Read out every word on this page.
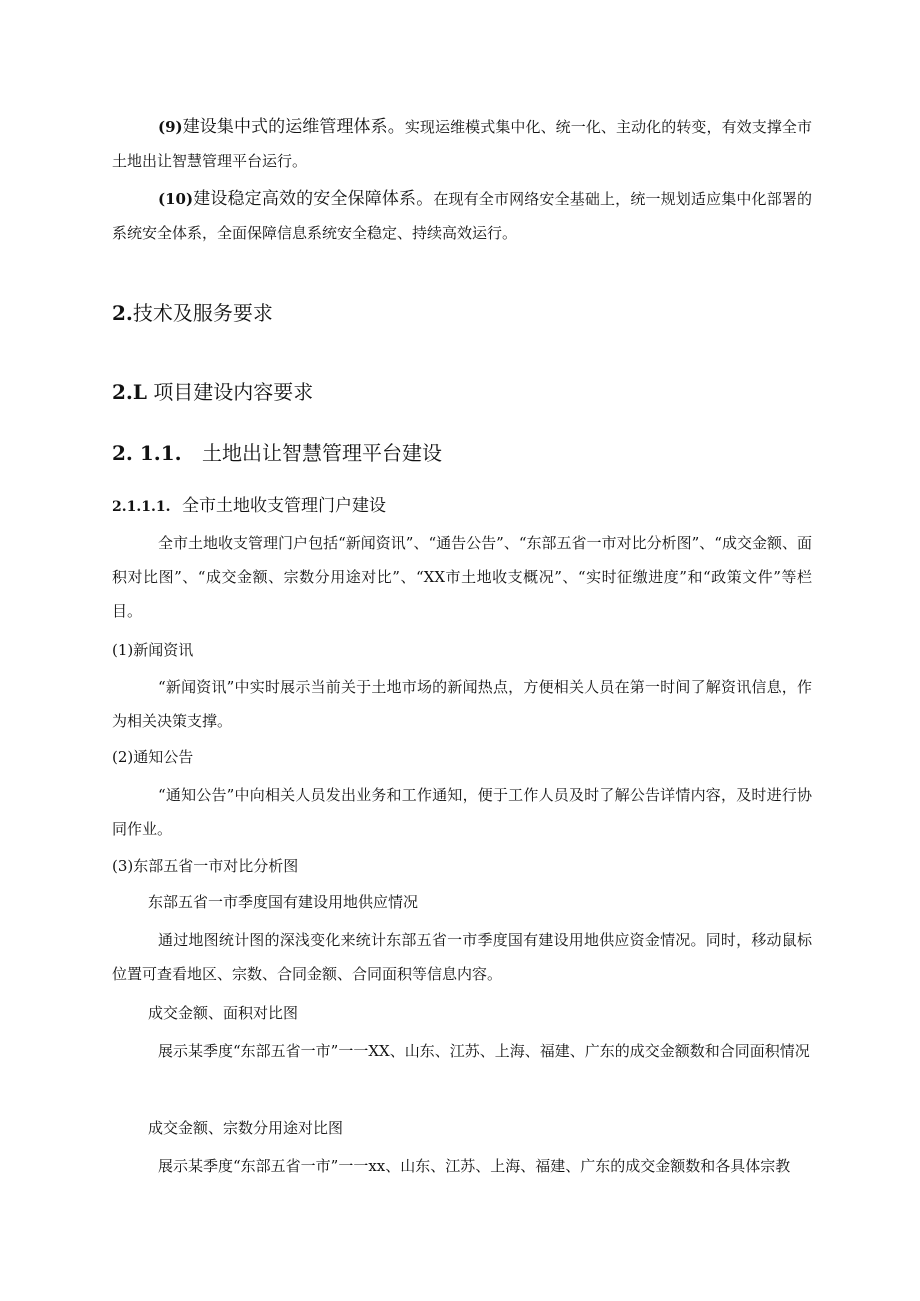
(9)建设集中式的运维管理体系。实现运维模式集中化、统一化、主动化的转变，有效支撑全市土地出让智慧管理平台运行。

(10)建设稳定高效的安全保障体系。在现有全市网络安全基础上，统一规划适应集中化部署的系统安全体系，全面保障信息系统安全稳定、持续高效运行。

2.技术及服务要求
2.L 项目建设内容要求
2. 1.1. 土地出让智慧管理平台建设
2.1.1.1. 全市土地收支管理门户建设

全市土地收支管理门户包括“新闻资讯”、“通告公告”、“东部五省一市对比分析图”、“成交金额、面积对比图”、“成交金额、宗数分用途对比”、“XX市土地收支概况”、“实时征缴进度”和“政策文件”等栏目。

(1)新闻资讯

“新闻资讯”中实时展示当前关于土地市场的新闻热点，方便相关人员在第一时间了解资讯信息，作为相关决策支撑。

(2)通知公告

“通知公告”中向相关人员发出业务和工作通知，便于工作人员及时了解公告详情内容，及时进行协同作业。

(3)东部五省一市对比分析图

东部五省一市季度国有建设用地供应情况

通过地图统计图的深浅变化来统计东部五省一市季度国有建设用地供应资金情况。同时，移动鼠标位置可查看地区、宗数、合同金额、合同面积等信息内容。

成交金额、面积对比图

展示某季度“东部五省一市”一一XX、山东、江苏、上海、福建、广东的成交金额数和合同面积情况

成交金额、宗数分用途对比图

展示某季度“东部五省一市”一一xx、山东、江苏、上海、福建、广东的成交金额数和各具体宗教
